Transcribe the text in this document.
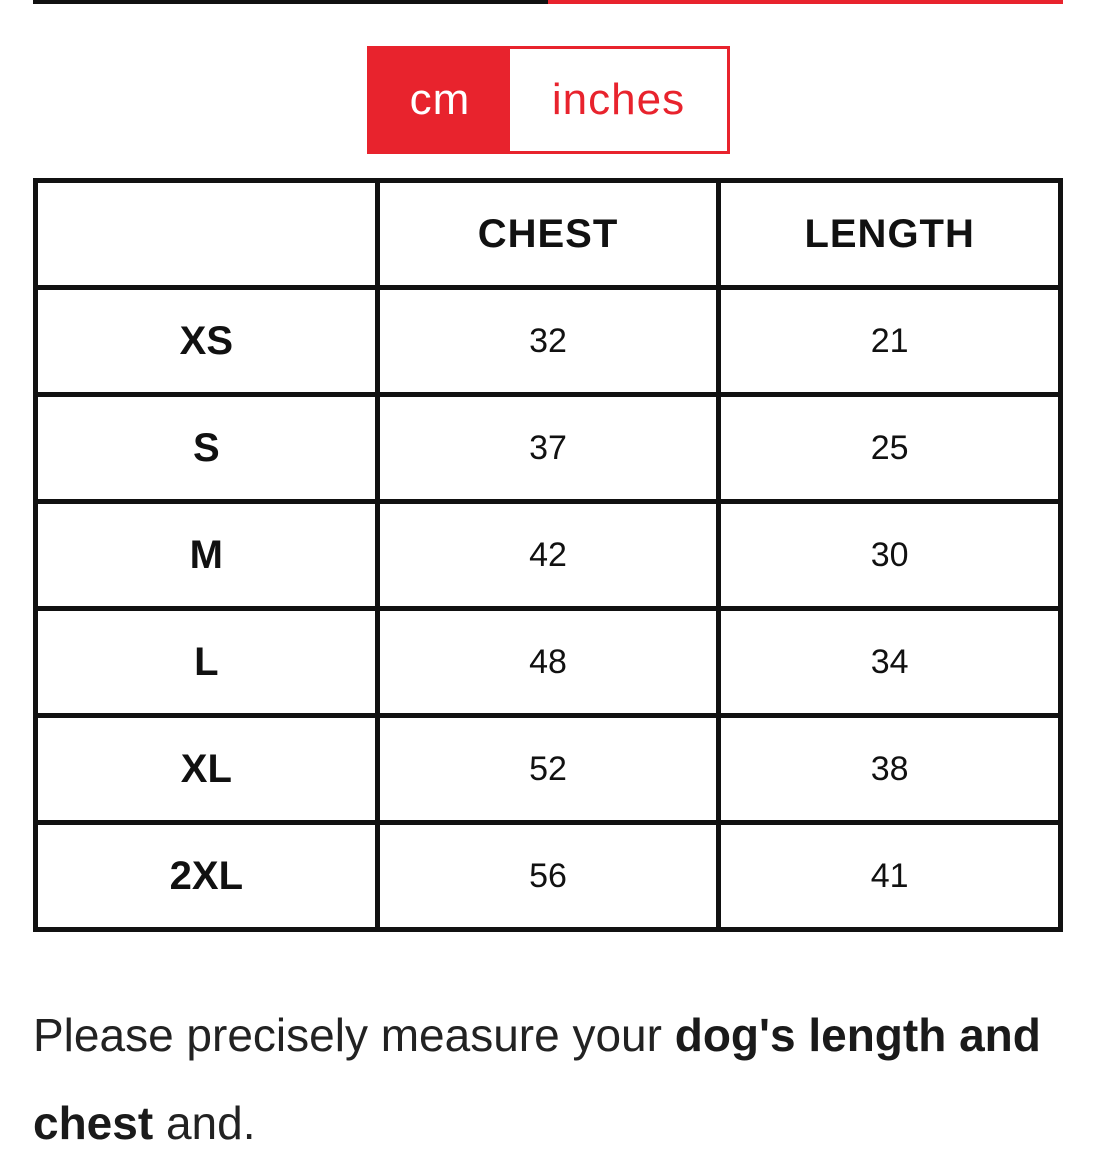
cm	inches
	CHEST	LENGTH
XS	32	21
S	37	25
M	42	30
L	48	34
XL	52	38
2XL	56	41

Please precisely measure your dog's length and chest and.
